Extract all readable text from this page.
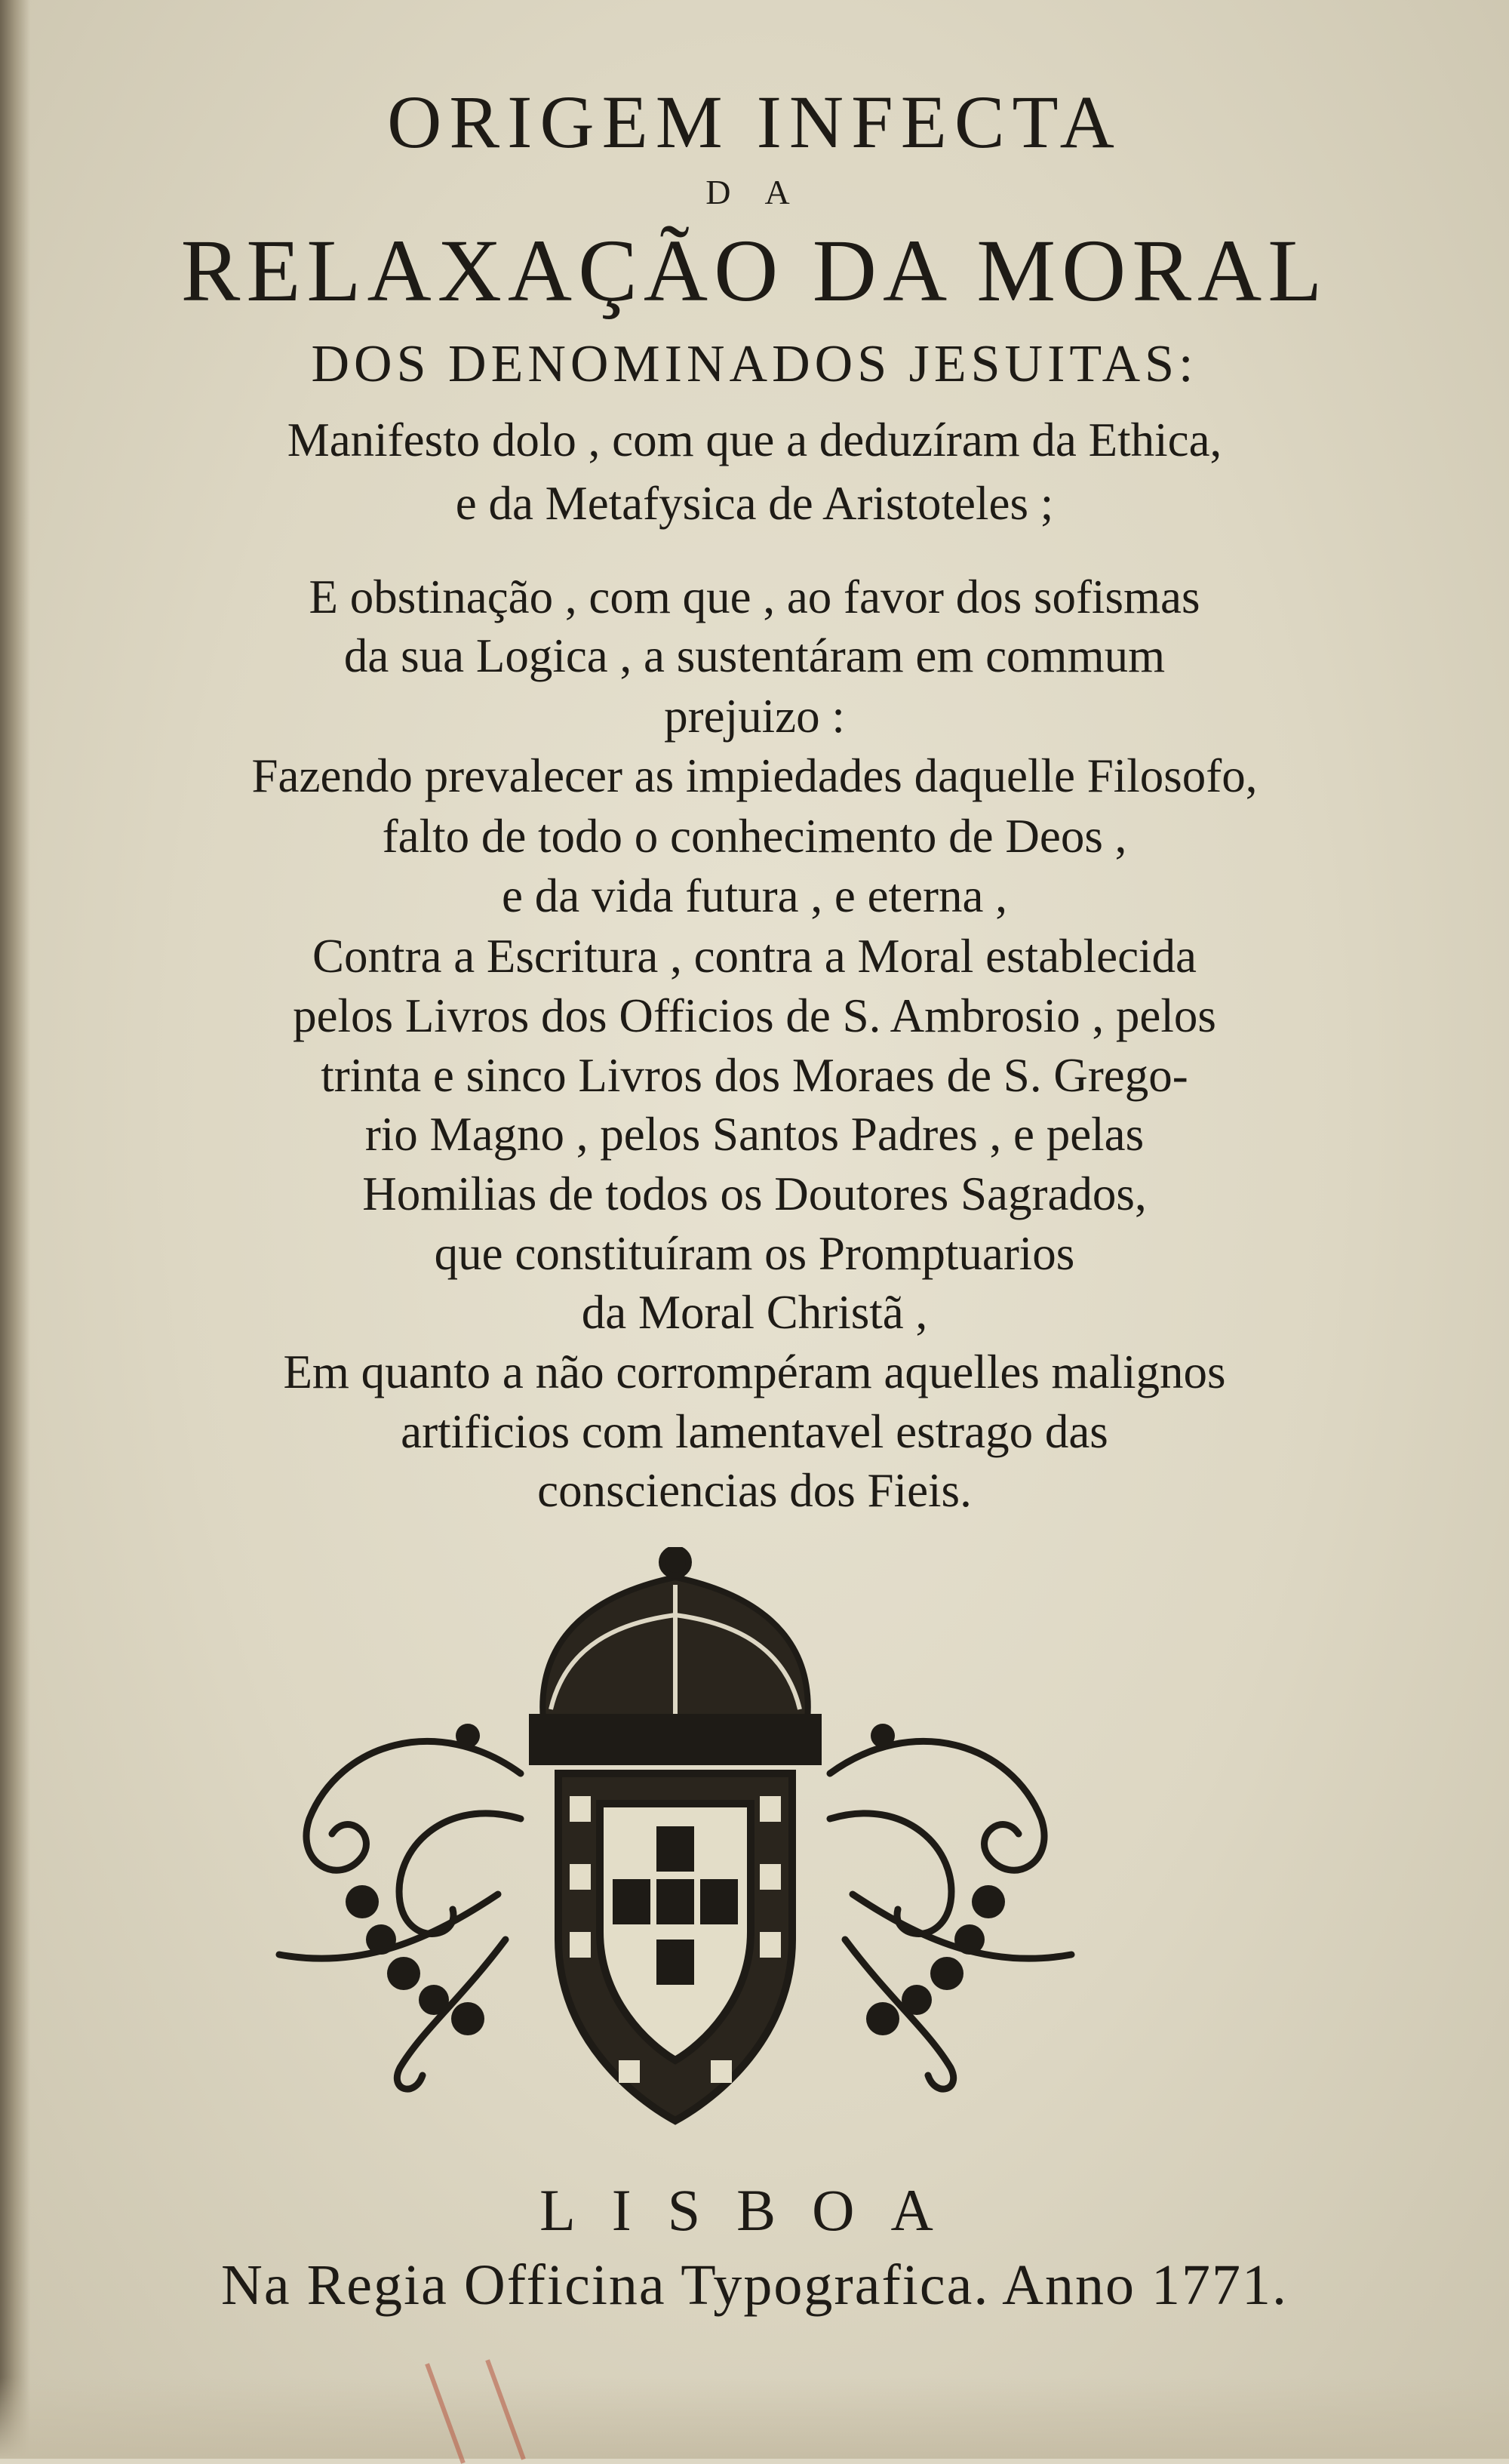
ORIGEM INFECTA
D A
RELAXAÇÃO DA MORAL
DOS DENOMINADOS JESUITAS:
Manifesto dolo , com que a deduzíram da Ethica,
e da Metafysica de Aristoteles ;
E obstinação , com que , ao favor dos sofismas
da sua Logica , a sustentáram em commum
prejuizo :
Fazendo prevalecer as impiedades daquelle Filosofo,
falto de todo o conhecimento de Deos ,
e da vida futura , e eterna ,
Contra a Escritura , contra a Moral establecida
pelos Livros dos Officios de S. Ambrosio , pelos
trinta e sinco Livros dos Moraes de S. Grego-
rio Magno , pelos Santos Padres , e pelas
Homilias de todos os Doutores Sagrados,
que constituíram os Promptuarios
da Moral Christã ,
Em quanto a não corrompéram aquelles malignos
artificios com lamentavel estrago das
consciencias dos Fieis.
LISBOA
Na Regia Officina Typografica. Anno 1771.
